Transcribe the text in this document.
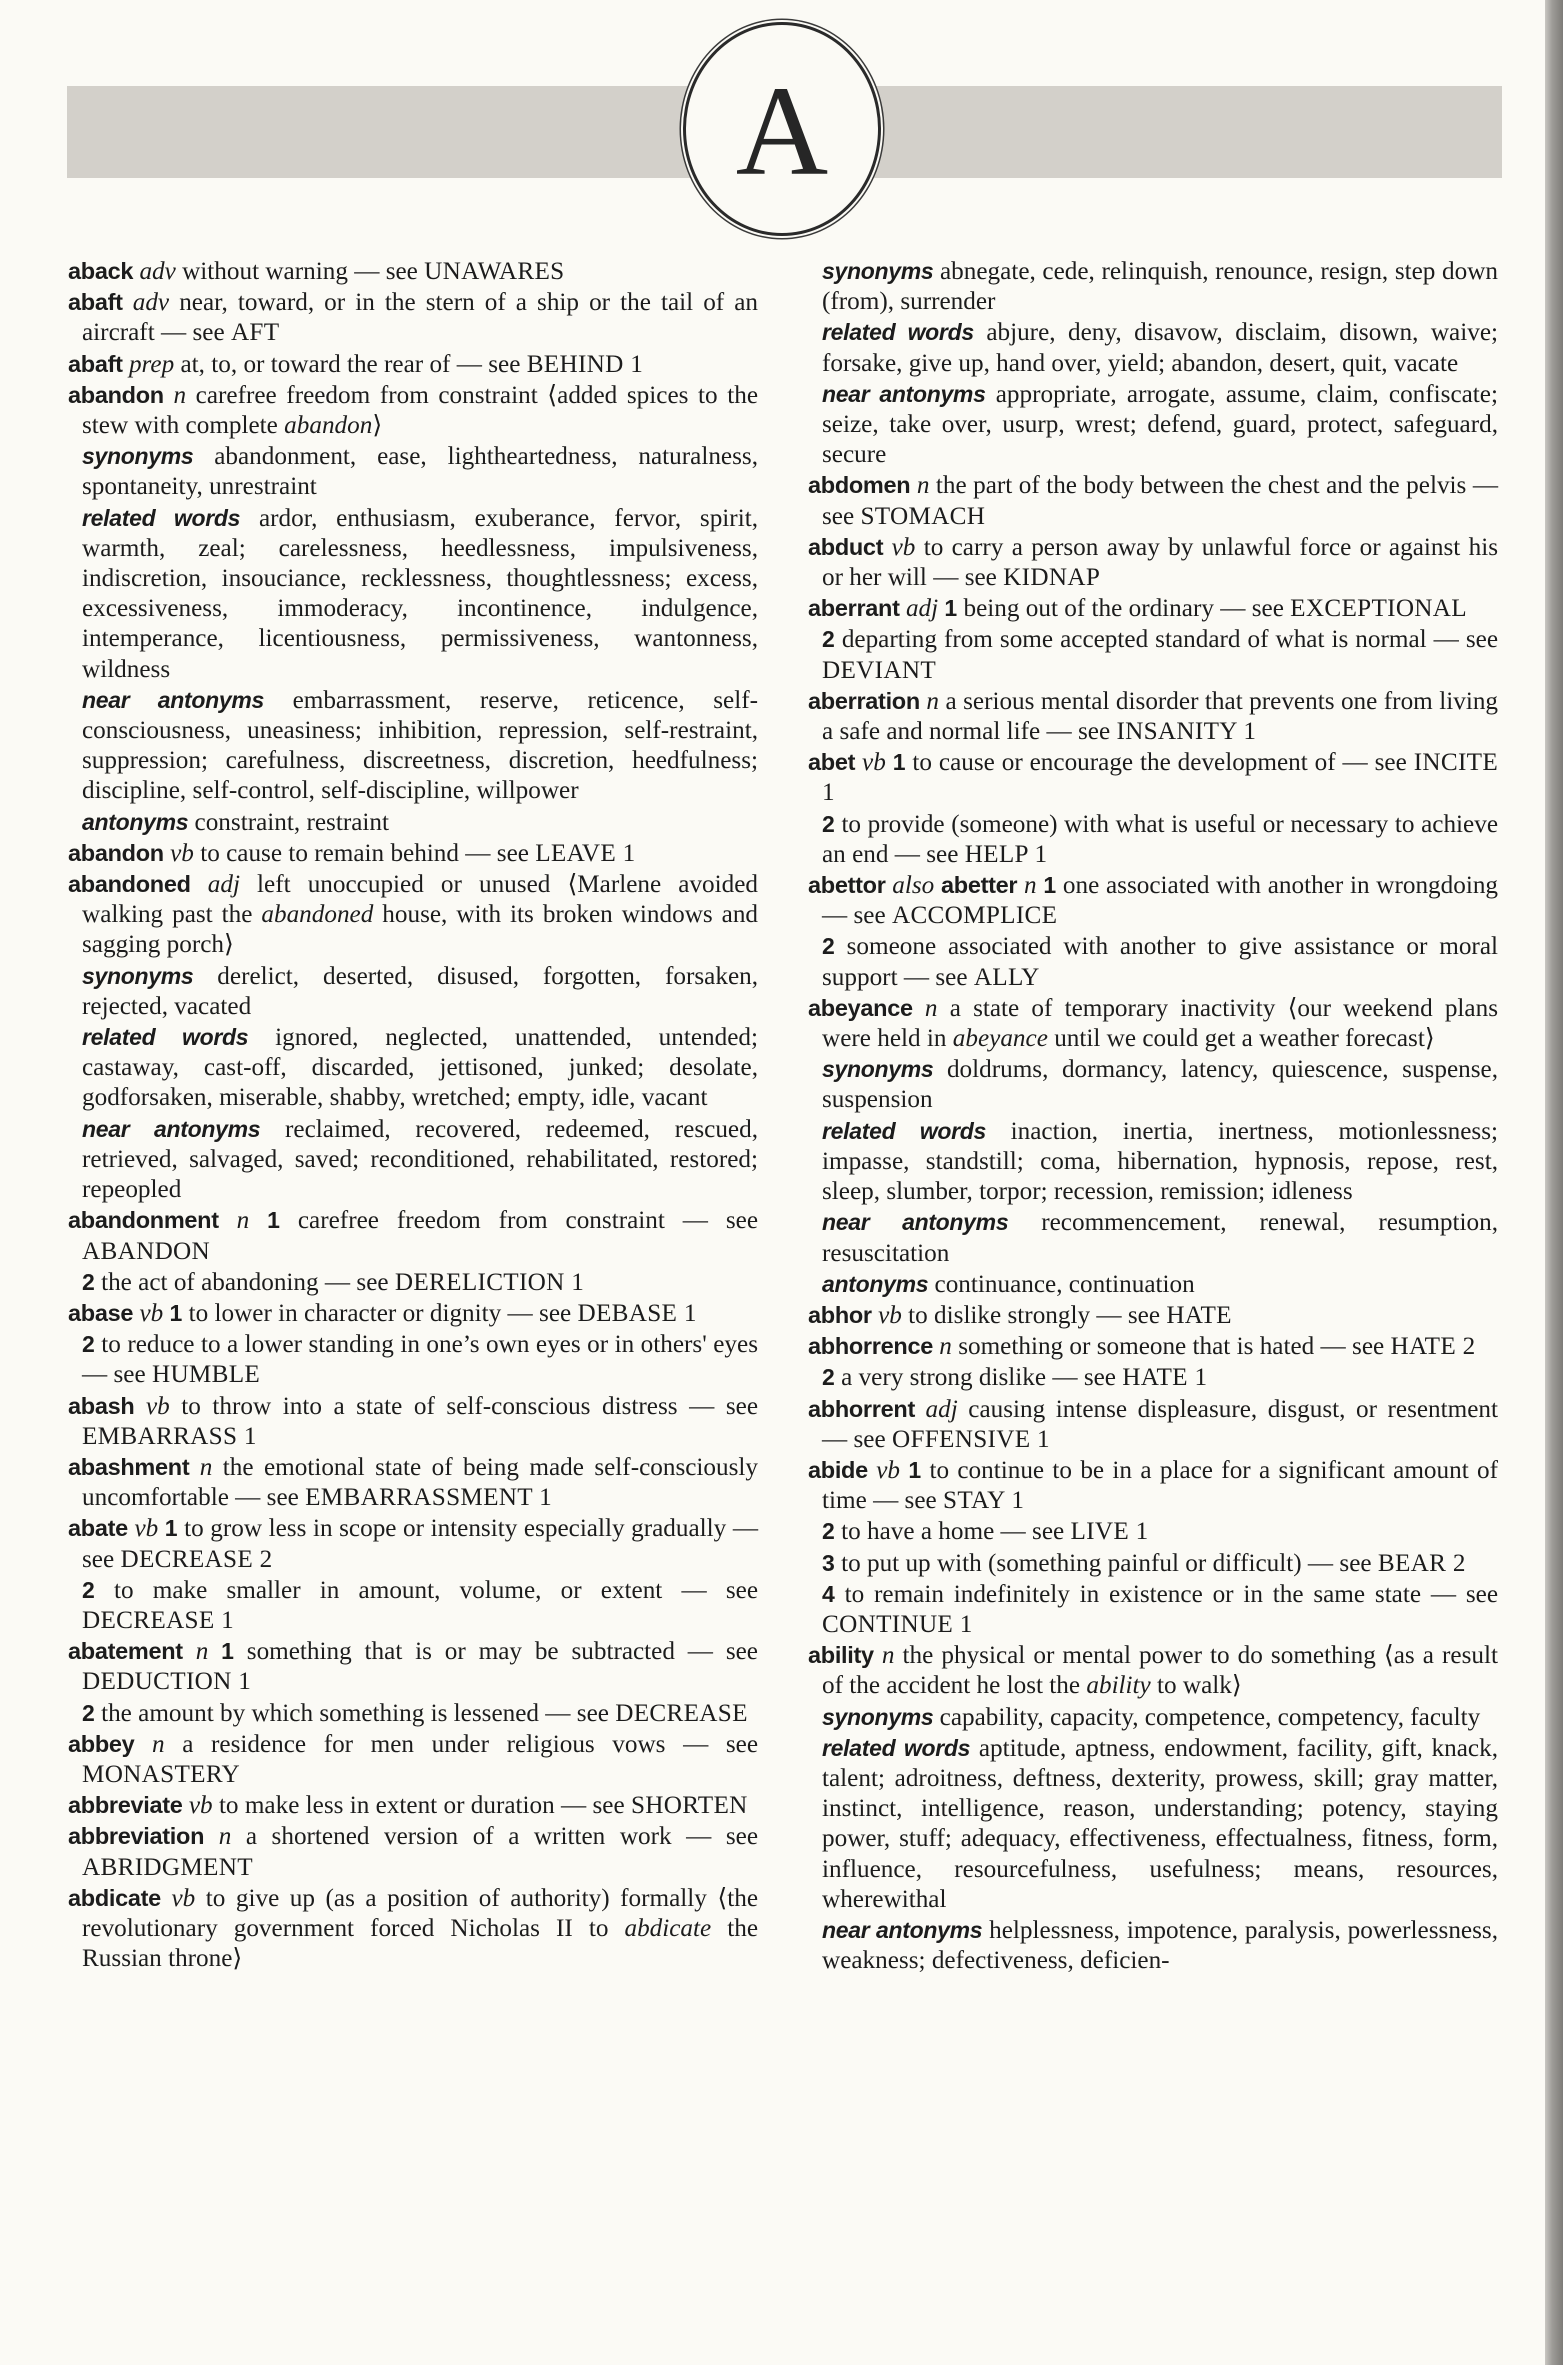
A

aback adv without warning — see UNAWARES

abaft adv near, toward, or in the stern of a ship or the tail of an aircraft — see AFT

abaft prep at, to, or toward the rear of — see BEHIND 1

abandon n carefree freedom from constraint ⟨added spices to the stew with complete abandon⟩

synonyms abandonment, ease, lightheartedness, naturalness, spontaneity, unrestraint

related words ardor, enthusiasm, exuberance, fervor, spirit, warmth, zeal; carelessness, heedlessness, impulsiveness, indiscretion, insouciance, recklessness, thoughtlessness; excess, excessiveness, immoderacy, incontinence, indulgence, intemperance, licentiousness, permissiveness, wantonness, wildness

near antonyms embarrassment, reserve, reticence, self-consciousness, uneasiness; inhibition, repression, self-restraint, suppression; carefulness, discreetness, discretion, heedfulness; discipline, self-control, self-discipline, willpower

antonyms constraint, restraint

abandon vb to cause to remain behind — see LEAVE 1

abandoned adj left unoccupied or unused ⟨Marlene avoided walking past the abandoned house, with its broken windows and sagging porch⟩

synonyms derelict, deserted, disused, forgotten, forsaken, rejected, vacated

related words ignored, neglected, unattended, untended; castaway, cast-off, discarded, jettisoned, junked; desolate, godforsaken, miserable, shabby, wretched; empty, idle, vacant

near antonyms reclaimed, recovered, redeemed, rescued, retrieved, salvaged, saved; reconditioned, rehabilitated, restored; repeopled

abandonment n 1 carefree freedom from constraint — see ABANDON

2 the act of abandoning — see DERELICTION 1

abase vb 1 to lower in character or dignity — see DEBASE 1

2 to reduce to a lower standing in one’s own eyes or in others' eyes — see HUMBLE

abash vb to throw into a state of self-conscious distress — see EMBARRASS 1

abashment n the emotional state of being made self-consciously uncomfortable — see EMBARRASSMENT 1

abate vb 1 to grow less in scope or intensity especially gradually — see DECREASE 2

2 to make smaller in amount, volume, or extent — see DECREASE 1

abatement n 1 something that is or may be subtracted — see DEDUCTION 1

2 the amount by which something is lessened — see DECREASE

abbey n a residence for men under religious vows — see MONASTERY

abbreviate vb to make less in extent or duration — see SHORTEN

abbreviation n a shortened version of a written work — see ABRIDGMENT

abdicate vb to give up (as a position of authority) formally ⟨the revolutionary government forced Nicholas II to abdicate the Russian throne⟩

synonyms abnegate, cede, relinquish, renounce, resign, step down (from), surrender

related words abjure, deny, disavow, disclaim, disown, waive; forsake, give up, hand over, yield; abandon, desert, quit, vacate

near antonyms appropriate, arrogate, assume, claim, confiscate; seize, take over, usurp, wrest; defend, guard, protect, safeguard, secure

abdomen n the part of the body between the chest and the pelvis — see STOMACH

abduct vb to carry a person away by unlawful force or against his or her will — see KIDNAP

aberrant adj 1 being out of the ordinary — see EXCEPTIONAL

2 departing from some accepted standard of what is normal — see DEVIANT

aberration n a serious mental disorder that prevents one from living a safe and normal life — see INSANITY 1

abet vb 1 to cause or encourage the development of — see INCITE 1

2 to provide (someone) with what is useful or necessary to achieve an end — see HELP 1

abettor also abetter n 1 one associated with another in wrongdoing — see ACCOMPLICE

2 someone associated with another to give assistance or moral support — see ALLY

abeyance n a state of temporary inactivity ⟨our weekend plans were held in abeyance until we could get a weather forecast⟩

synonyms doldrums, dormancy, latency, quiescence, suspense, suspension

related words inaction, inertia, inertness, motionlessness; impasse, standstill; coma, hibernation, hypnosis, repose, rest, sleep, slumber, torpor; recession, remission; idleness

near antonyms recommencement, renewal, resumption, resuscitation

antonyms continuance, continuation

abhor vb to dislike strongly — see HATE

abhorrence n something or someone that is hated — see HATE 2

2 a very strong dislike — see HATE 1

abhorrent adj causing intense displeasure, disgust, or resentment — see OFFENSIVE 1

abide vb 1 to continue to be in a place for a significant amount of time — see STAY 1

2 to have a home — see LIVE 1

3 to put up with (something painful or difficult) — see BEAR 2

4 to remain indefinitely in existence or in the same state — see CONTINUE 1

ability n the physical or mental power to do something ⟨as a result of the accident he lost the ability to walk⟩

synonyms capability, capacity, competence, competency, faculty

related words aptitude, aptness, endowment, facility, gift, knack, talent; adroitness, deftness, dexterity, prowess, skill; gray matter, instinct, intelligence, reason, understanding; potency, staying power, stuff; adequacy, effectiveness, effectualness, fitness, form, influence, resourcefulness, usefulness; means, resources, wherewithal

near antonyms helplessness, impotence, paralysis, powerlessness, weakness; defectiveness, deficien-
